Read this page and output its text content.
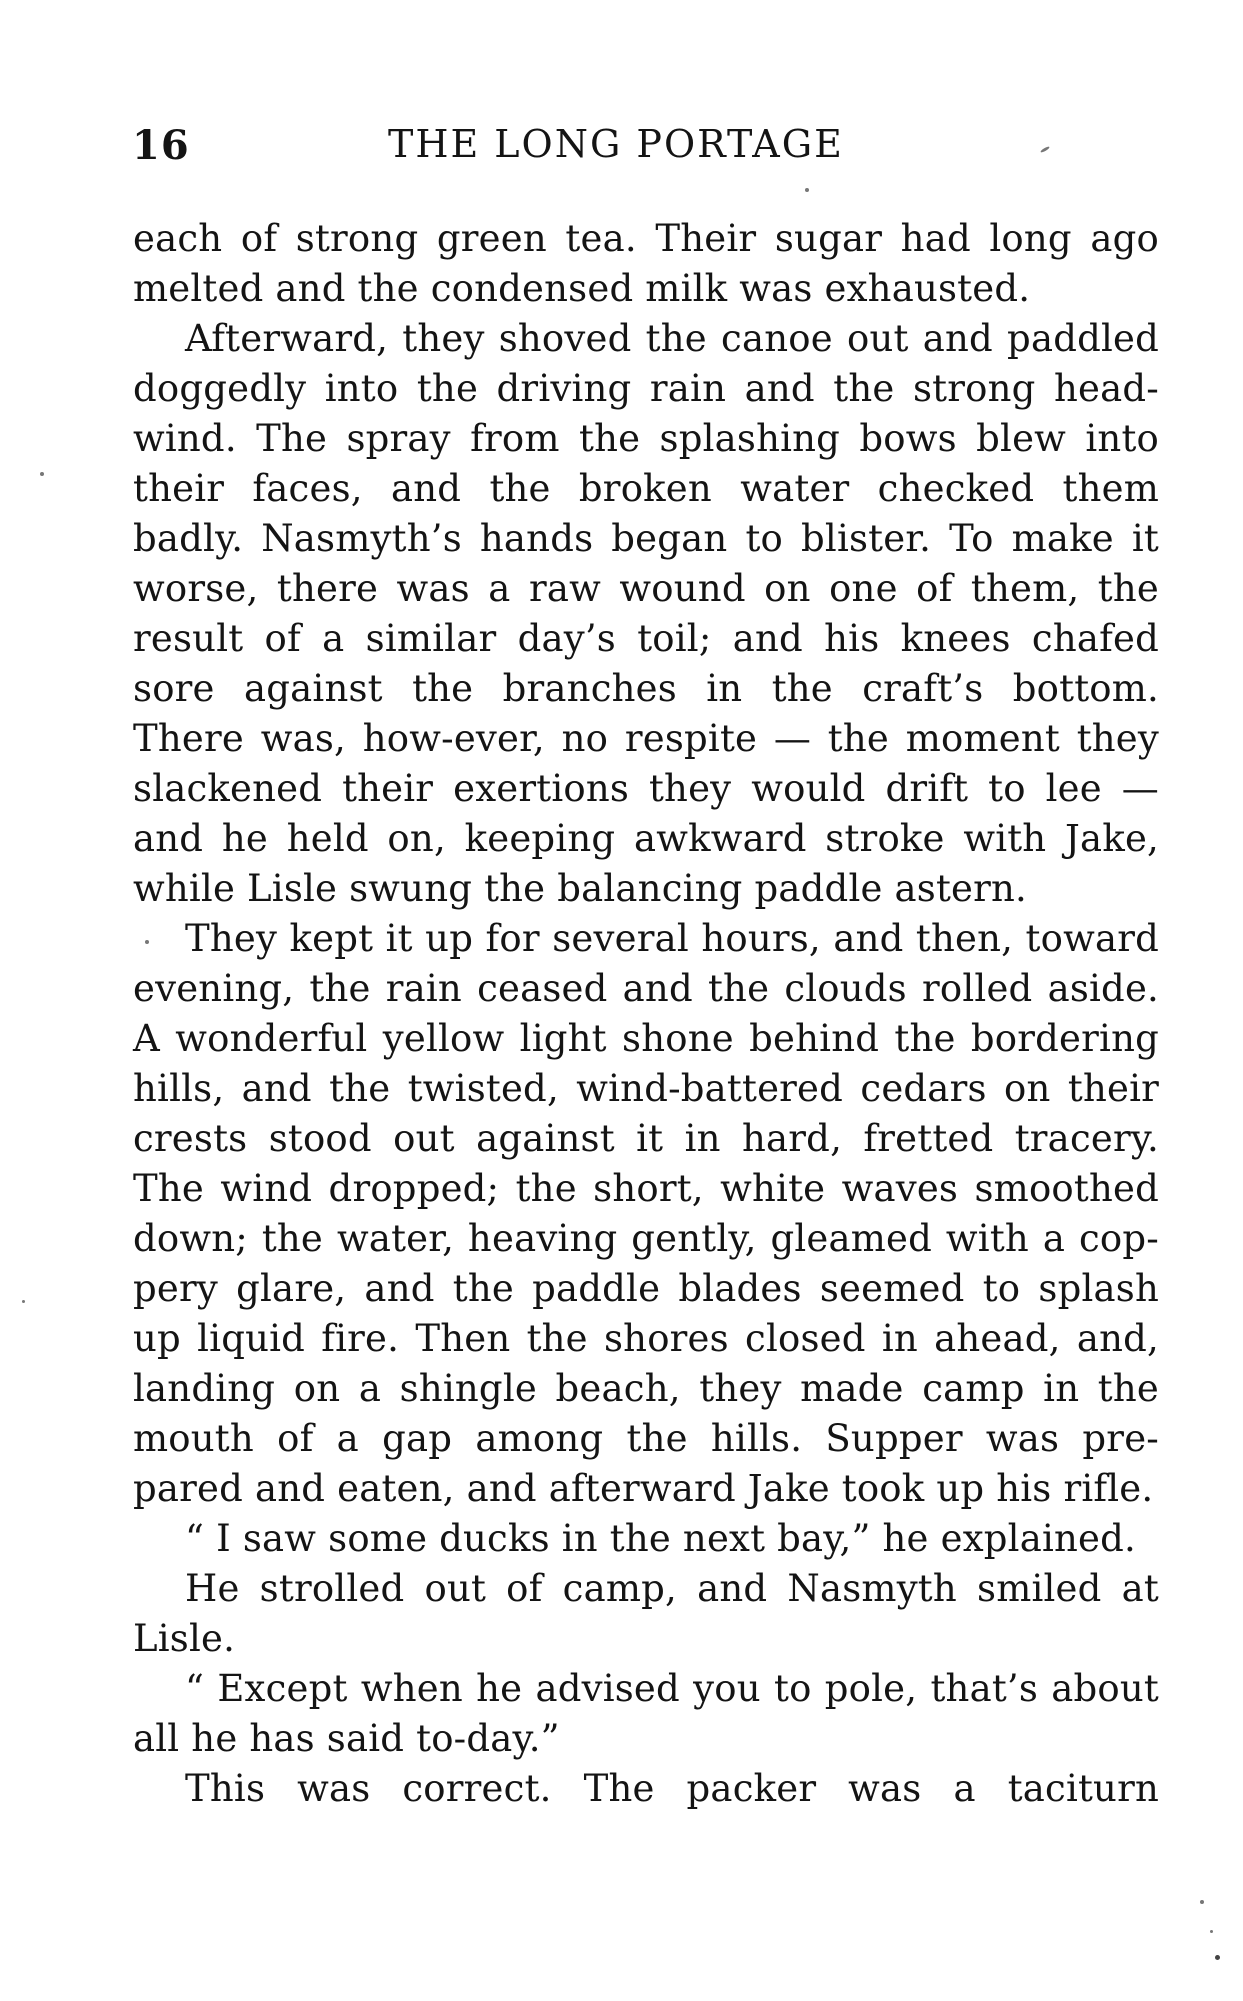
16	THE LONG PORTAGE

each of strong green tea. Their sugar had long ago melted and the condensed milk was exhausted.

Afterward, they shoved the canoe out and paddled doggedly into the driving rain and the strong head-wind. The spray from the splashing bows blew into their faces, and the broken water checked them badly. Nasmyth’s hands began to blister. To make it worse, there was a raw wound on one of them, the result of a similar day’s toil; and his knees chafed sore against the branches in the craft’s bottom. There was, how-ever, no respite — the moment they slackened their exertions they would drift to lee — and he held on, keeping awkward stroke with Jake, while Lisle swung the balancing paddle astern.

They kept it up for several hours, and then, toward evening, the rain ceased and the clouds rolled aside. A wonderful yellow light shone behind the bordering hills, and the twisted, wind-battered cedars on their crests stood out against it in hard, fretted tracery. The wind dropped; the short, white waves smoothed down; the water, heaving gently, gleamed with a cop-pery glare, and the paddle blades seemed to splash up liquid fire. Then the shores closed in ahead, and, landing on a shingle beach, they made camp in the mouth of a gap among the hills. Supper was pre-pared and eaten, and afterward Jake took up his rifle.

“ I saw some ducks in the next bay,” he explained.

He strolled out of camp, and Nasmyth smiled at Lisle.

“ Except when he advised you to pole, that’s about all he has said to-day.”

This was correct. The packer was a taciturn
